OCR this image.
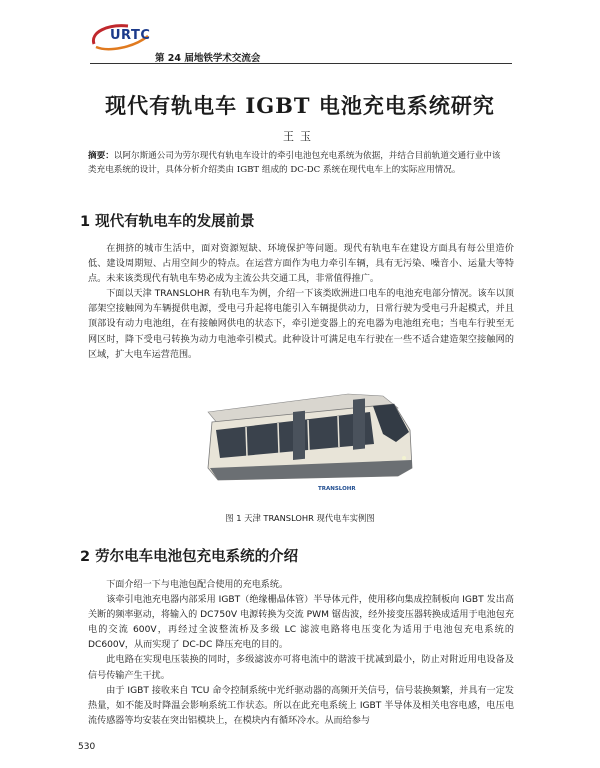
URTC
第 24 届地铁学术交流会
现代有轨电车 IGBT 电池充电系统研究
王玉
摘要：以阿尔斯通公司为劳尔现代有轨电车设计的牵引电池包充电系统为依据，并结合目前轨道交通行业中该类充电系统的设计，具体分析介绍类由 IGBT 组成的 DC-DC 系统在现代电车上的实际应用情况。
1 现代有轨电车的发展前景

在拥挤的城市生活中，面对资源短缺、环境保护等问题。现代有轨电车在建设方面具有每公里造价低、建设周期短、占用空间少的特点。在运营方面作为电力牵引车辆，具有无污染、噪音小、运量大等特点。未来该类现代有轨电车势必成为主流公共交通工具，非常值得推广。

下面以天津 TRANSLOHR 有轨电车为例，介绍一下该类欧洲进口电车的电池充电部分情况。该车以顶部架空接触网为车辆提供电源，受电弓升起将电能引入车辆提供动力，日常行驶为受电弓升起模式，并且顶部设有动力电池组，在有接触网供电的状态下，牵引逆变器上的充电器为电池组充电；当电车行驶至无网区时，降下受电弓转换为动力电池牵引模式。此种设计可满足电车行驶在一些不适合建造架空接触网的区域，扩大电车运营范围。

TRANSLOHR
图 1 天津 TRANSLOHR 现代电车实例图
2 劳尔电车电池包充电系统的介绍

下面介绍一下与电池包配合使用的充电系统。

该牵引电池充电器内部采用 IGBT（绝缘栅晶体管）半导体元件，使用移向集成控制板向 IGBT 发出高关断的频率驱动，将输入的 DC750V 电源转换为交流 PWM 锯齿波，经外接变压器转换成适用于电池包充电的交流 600V，再经过全波整流桥及多级 LC 滤波电路将电压变化为适用于电池包充电系统的 DC600V，从而实现了 DC-DC 降压充电的目的。

此电路在实现电压装换的同时，多级滤波亦可将电流中的谐波干扰减到最小，防止对附近用电设备及信号传输产生干扰。

由于 IGBT 接收来自 TCU 命令控制系统中光纤驱动器的高频开关信号，信号装换频繁，并具有一定发热量，如不能及时降温会影响系统工作状态。所以在此充电系统上 IGBT 半导体及相关电容电感，电压电流传感器等均安装在突出铝模块上，在模块内有循环冷水。从而给参与

530
